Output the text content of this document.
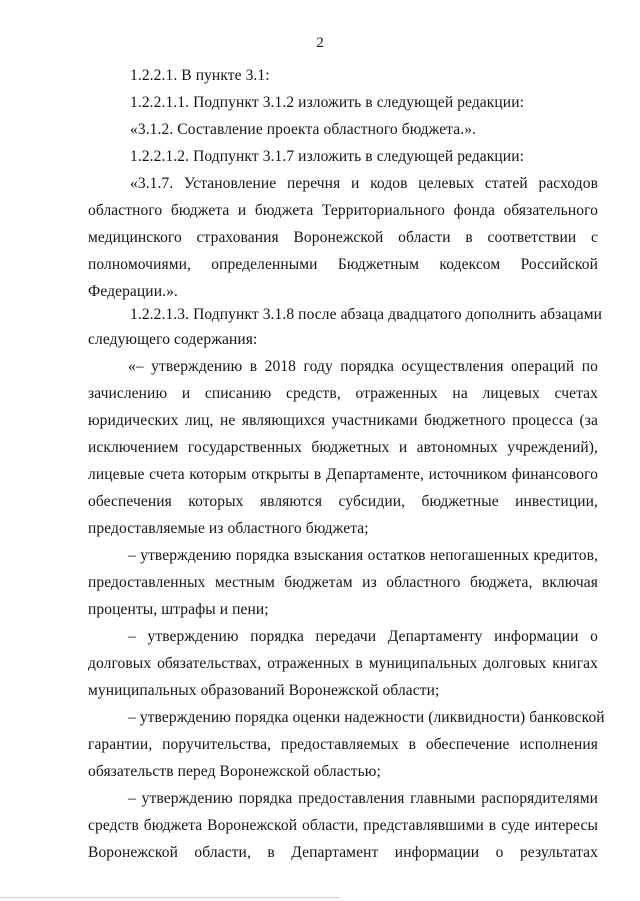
2
1.2.2.1. В пункте 3.1:
1.2.2.1.1. Подпункт 3.1.2 изложить в следующей редакции:
«3.1.2. Составление проекта областного бюджета.».
1.2.2.1.2. Подпункт 3.1.7 изложить в следующей редакции:
«3.1.7. Установление перечня и кодов целевых статей расходов
областного бюджета и бюджета Территориального фонда обязательного
медицинского страхования Воронежской области в соответствии с
полномочиями, определенными Бюджетным кодексом Российской
Федерации.».
1.2.2.1.3. Подпункт 3.1.8 после абзаца двадцатого дополнить абзацами
следующего содержания:
«– утверждению в 2018 году порядка осуществления операций по
зачислению и списанию средств, отраженных на лицевых счетах
юридических лиц, не являющихся участниками бюджетного процесса (за
исключением государственных бюджетных и автономных учреждений),
лицевые счета которым открыты в Департаменте, источником финансового
обеспечения которых являются субсидии, бюджетные инвестиции,
предоставляемые из областного бюджета;
– утверждению порядка взыскания остатков непогашенных кредитов,
предоставленных местным бюджетам из областного бюджета, включая
проценты, штрафы и пени;
– утверждению порядка передачи Департаменту информации о
долговых обязательствах, отраженных в муниципальных долговых книгах
муниципальных образований Воронежской области;
– утверждению порядка оценки надежности (ликвидности) банковской
гарантии, поручительства, предоставляемых в обеспечение исполнения
обязательств перед Воронежской областью;
– утверждению порядка предоставления главными распорядителями
средств бюджета Воронежской области, представлявшими в суде интересы
Воронежской области, в Департамент информации о результатах
